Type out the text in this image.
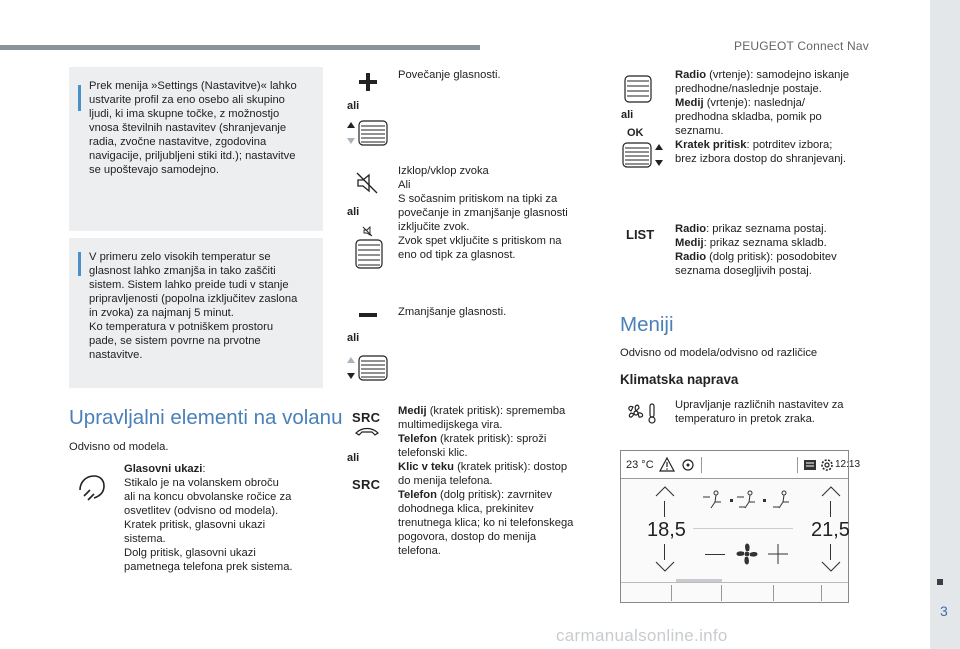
PEUGEOT Connect Nav
3
carmanualsonline.info

Prek menija »Settings (Nastavitve)« lahko

ustvarite profil za eno osebo ali skupino

ljudi, ki ima skupne točke, z možnostjo

vnosa številnih nastavitev (shranjevanje

radia, zvočne nastavitve, zgodovina

navigacije, priljubljeni stiki itd.); nastavitve

se upoštevajo samodejno.

V primeru zelo visokih temperatur se

glasnost lahko zmanjša in tako zaščiti

sistem. Sistem lahko preide tudi v stanje

pripravljenosti (popolna izključitev zaslona

in zvoka) za najmanj 5 minut.

Ko temperatura v potniškem prostoru

pade, se sistem povrne na prvotne

nastavitve.

Upravljalni elementi na volanu
Odvisno od modela.
Glasovni ukazi:
Stikalo je na volanskem obroču
ali na koncu obvolanske ročice za
osvetlitev (odvisno od modela).
Kratek pritisk, glasovni ukazi
sistema.
Dolg pritisk, glasovni ukazi
pametnega telefona prek sistema.
ali
Povečanje glasnosti.
ali
Izklop/vklop zvoka
Ali
S sočasnim pritiskom na tipki za
povečanje in zmanjšanje glasnosti
izključite zvok.
Zvok spet vključite s pritiskom na
eno od tipk za glasnost.
ali
Zmanjšanje glasnosti.
SRC
ali
SRC
Medij (kratek pritisk): sprememba
multimedijskega vira.
Telefon (kratek pritisk): sproži
telefonski klic.
Klic v teku (kratek pritisk): dostop
do menija telefona.
Telefon (dolg pritisk): zavrnitev
dohodnega klica, prekinitev
trenutnega klica; ko ni telefonskega
pogovora, dostop do menija
telefona.
ali
OK
Radio (vrtenje): samodejno iskanje
predhodne/naslednje postaje.
Medij (vrtenje): naslednja/
predhodna skladba, pomik po
seznamu.
Kratek pritisk: potrditev izbora;
brez izbora dostop do shranjevanj.
LIST Radio: prikaz seznama postaj.
Medij: prikaz seznama skladb.
Radio (dolg pritisk): posodobitev
seznama dosegljivih postaj.
Meniji
Odvisno od modela/odvisno od različice
Klimatska naprava
Upravljanje različnih nastavitev za
temperaturo in pretok zraka.
23 °C	12:13
18,5	21,5
